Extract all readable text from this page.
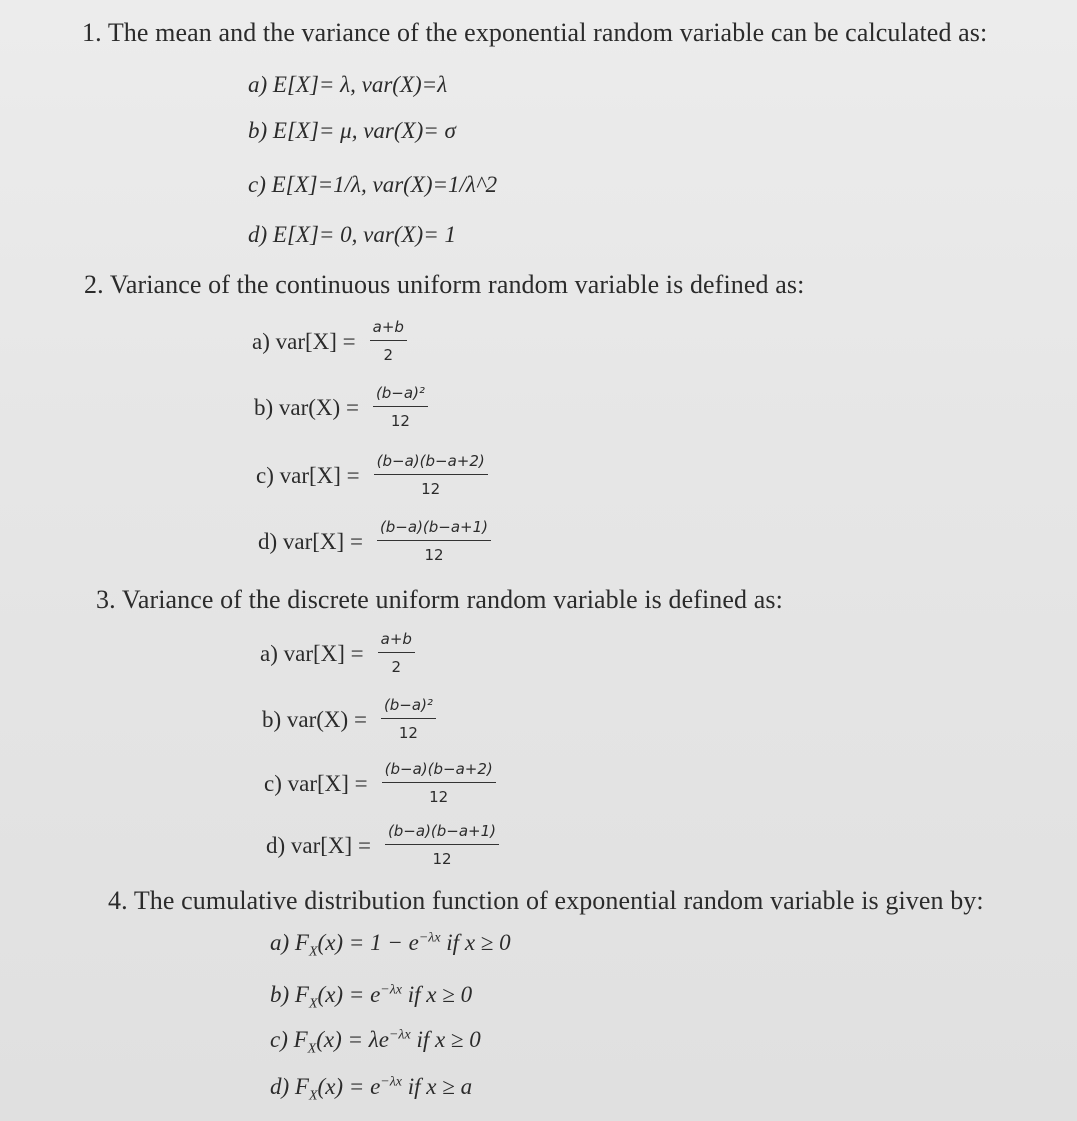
1. The mean and the variance of the exponential random variable can be calculated as:
a) E[X]= λ, var(X)=λ
b) E[X]= μ, var(X)= σ
c) E[X]=1/λ, var(X)=1/λ^2
d) E[X]= 0, var(X)= 1
2. Variance of the continuous uniform random variable is defined as:
a) $var[X] = \frac{a+b}{2}$
b) $var(X) = \frac{\text{(b−a)²}}{12}$
c) $var[X] = \frac{(b-a)(b-a+2)}{12}$
d) $var[X] = \frac{(b-a)(b-a+1)}{12}$
3. Variance of the discrete uniform random variable is defined as:
a) $var[X] = \frac{a+b}{2}$
b) $var(X) = \frac{\text{(b−a)²}}{12}$
c) $var[X] = \frac{(b-a)(b-a+2)}{12}$
d) $var[X] = \frac{(b-a)(b-a+1)}{12}$
4. The cumulative distribution function of exponential random variable is given by:
a) $F_X(x) = 1 - e^{-\lambda x}$ if x ≥ 0
b) $F_X(x) = e^{-\lambda x}$ if x ≥ 0
c) $F_X(x) = \lambda e^{-\lambda x}$ if x ≥ 0
d) $F_X(x) = e^{-\lambda x}$ if x ≥ a
